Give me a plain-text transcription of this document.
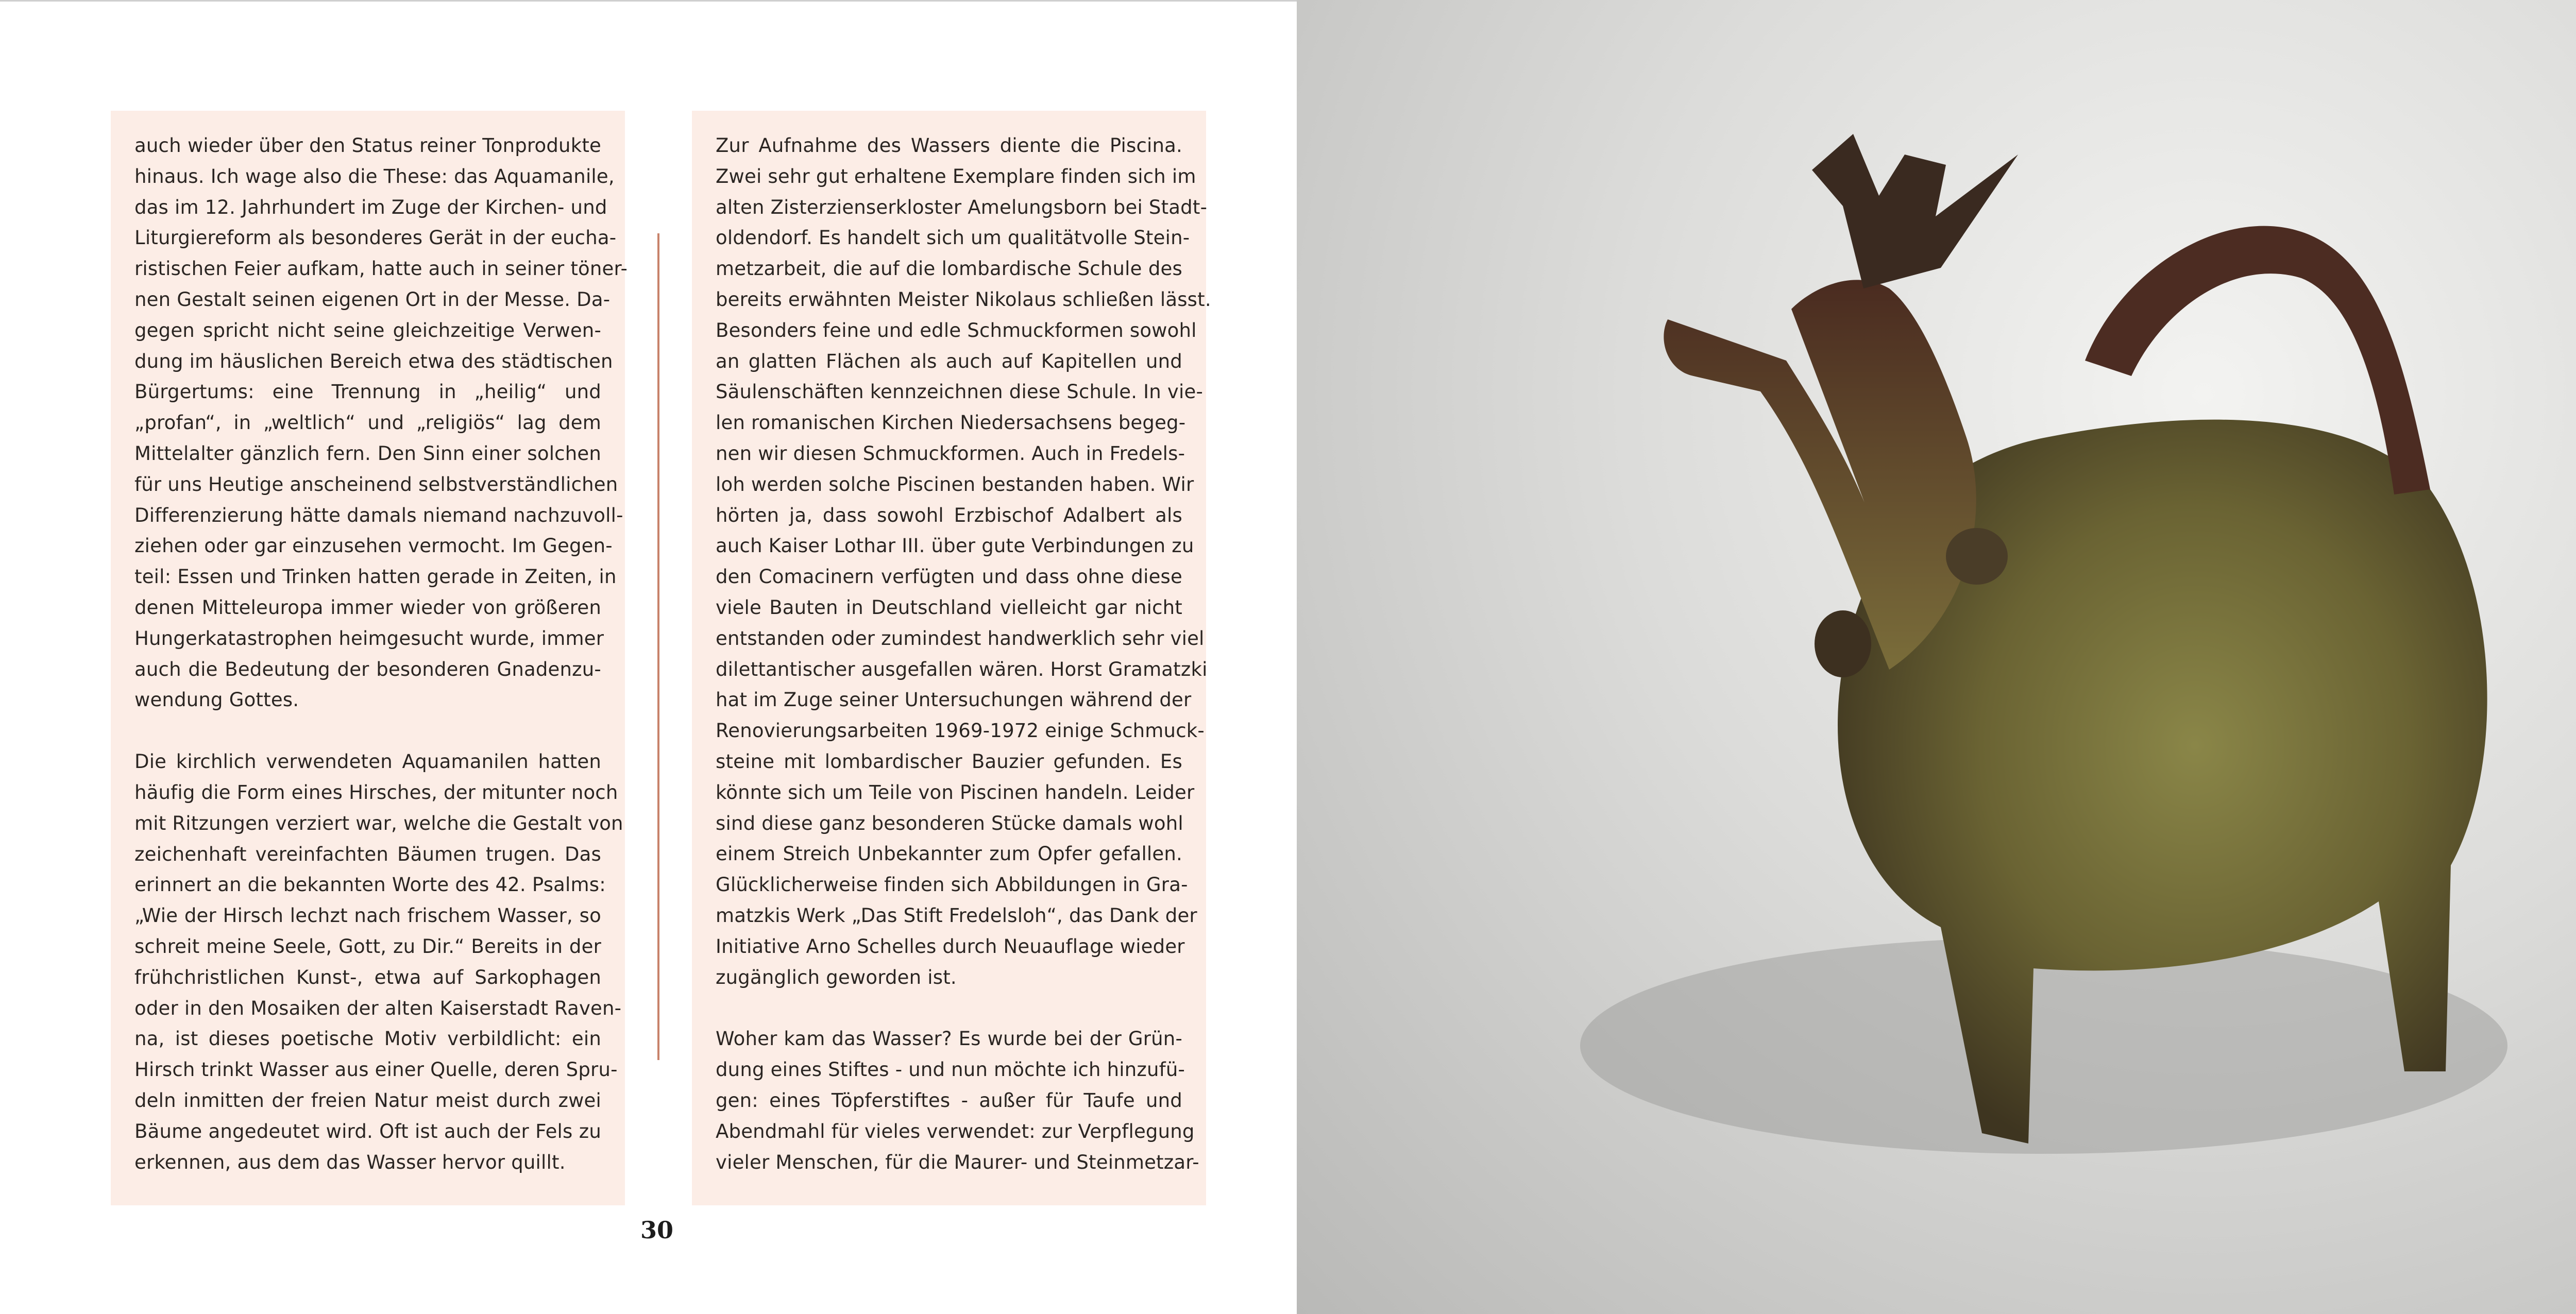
auch wieder über den Status reiner Tonprodukte
hinaus. Ich wage also die These: das Aquamanile,
das im 12. Jahrhundert im Zuge der Kirchen- und
Liturgiereform als besonderes Gerät in der eucha-
ristischen Feier aufkam, hatte auch in seiner töner-
nen Gestalt seinen eigenen Ort in der Messe. Da-
gegen spricht nicht seine gleichzeitige Verwen-
dung im häuslichen Bereich etwa des städtischen
Bürgertums: eine Trennung in „heilig“ und
„profan“, in „weltlich“ und „religiös“ lag dem
Mittelalter gänzlich fern. Den Sinn einer solchen
für uns Heutige anscheinend selbstverständlichen
Differenzierung hätte damals niemand nachzuvoll-
ziehen oder gar einzusehen vermocht. Im Gegen-
teil: Essen und Trinken hatten gerade in Zeiten, in
denen Mitteleuropa immer wieder von größeren
Hungerkatastrophen heimgesucht wurde, immer
auch die Bedeutung der besonderen Gnadenzu-
wendung Gottes.
Die kirchlich verwendeten Aquamanilen hatten
häufig die Form eines Hirsches, der mitunter noch
mit Ritzungen verziert war, welche die Gestalt von
zeichenhaft vereinfachten Bäumen trugen. Das
erinnert an die bekannten Worte des 42. Psalms:
„Wie der Hirsch lechzt nach frischem Wasser, so
schreit meine Seele, Gott, zu Dir.“ Bereits in der
frühchristlichen Kunst-, etwa auf Sarkophagen
oder in den Mosaiken der alten Kaiserstadt Raven-
na, ist dieses poetische Motiv verbildlicht: ein
Hirsch trinkt Wasser aus einer Quelle, deren Spru-
deln inmitten der freien Natur meist durch zwei
Bäume angedeutet wird. Oft ist auch der Fels zu
erkennen, aus dem das Wasser hervor quillt.
Zur Aufnahme des Wassers diente die Piscina.
Zwei sehr gut erhaltene Exemplare finden sich im
alten Zisterzienserkloster Amelungsborn bei Stadt-
oldendorf. Es handelt sich um qualitätvolle Stein-
metzarbeit, die auf die lombardische Schule des
bereits erwähnten Meister Nikolaus schließen lässt.
Besonders feine und edle Schmuckformen sowohl
an glatten Flächen als auch auf Kapitellen und
Säulenschäften kennzeichnen diese Schule. In vie-
len romanischen Kirchen Niedersachsens begeg-
nen wir diesen Schmuckformen. Auch in Fredels-
loh werden solche Piscinen bestanden haben. Wir
hörten ja, dass sowohl Erzbischof Adalbert als
auch Kaiser Lothar III. über gute Verbindungen zu
den Comacinern verfügten und dass ohne diese
viele Bauten in Deutschland vielleicht gar nicht
entstanden oder zumindest handwerklich sehr viel
dilettantischer ausgefallen wären. Horst Gramatzki
hat im Zuge seiner Untersuchungen während der
Renovierungsarbeiten 1969-1972 einige Schmuck-
steine mit lombardischer Bauzier gefunden. Es
könnte sich um Teile von Piscinen handeln. Leider
sind diese ganz besonderen Stücke damals wohl
einem Streich Unbekannter zum Opfer gefallen.
Glücklicherweise finden sich Abbildungen in Gra-
matzkis Werk „Das Stift Fredelsloh“, das Dank der
Initiative Arno Schelles durch Neuauflage wieder
zugänglich geworden ist.
Woher kam das Wasser? Es wurde bei der Grün-
dung eines Stiftes - und nun möchte ich hinzufü-
gen: eines Töpferstiftes - außer für Taufe und
Abendmahl für vieles verwendet: zur Verpflegung
vieler Menschen, für die Maurer- und Steinmetzar-
30
